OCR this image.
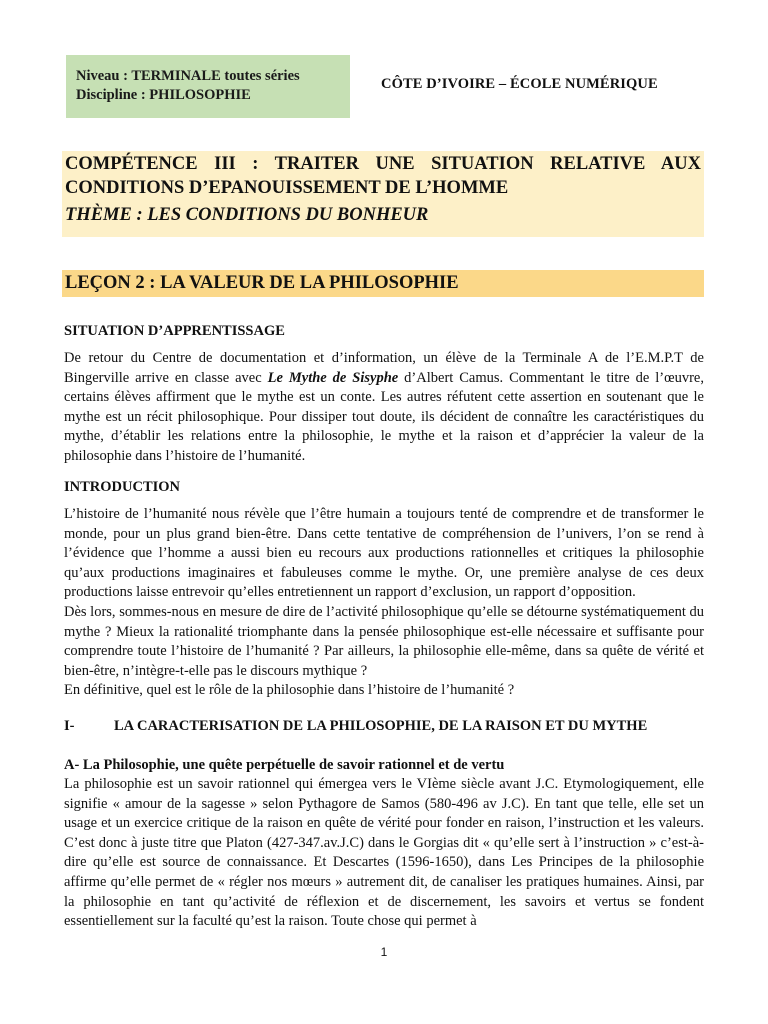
Niveau : TERMINALE toutes séries
Discipline : PHILOSOPHIE
CÔTE D’IVOIRE – ÉCOLE NUMÉRIQUE

COMPÉTENCE III : TRAITER UNE SITUATION RELATIVE AUX

CONDITIONS D’EPANOUISSEMENT DE L’HOMME

THÈME : LES CONDITIONS DU BONHEUR

LEÇON 2 : LA VALEUR DE LA PHILOSOPHIE

SITUATION D’APPRENTISSAGE

De retour du Centre de documentation et d’information, un élève de la Terminale A de l’E.M.P.T de Bingerville arrive en classe avec Le Mythe de Sisyphe d’Albert Camus. Commentant le titre de l’œuvre, certains élèves affirment que le mythe est un conte. Les autres réfutent cette assertion en soutenant que le mythe est un récit philosophique. Pour dissiper tout doute, ils décident de connaître les caractéristiques du mythe, d’établir les relations entre la philosophie, le mythe et la raison et d’apprécier la valeur de la philosophie dans l’histoire de l’humanité.

INTRODUCTION

L’histoire de l’humanité nous révèle que l’être humain a toujours tenté de comprendre et de transformer le monde, pour un plus grand bien-être. Dans cette tentative de compréhension de l’univers, l’on se rend à l’évidence que l’homme a aussi bien eu recours aux productions rationnelles et critiques la philosophie qu’aux productions imaginaires et fabuleuses comme le mythe. Or, une première analyse de ces deux productions laisse entrevoir qu’elles entretiennent un rapport d’exclusion, un rapport d’opposition.

Dès lors, sommes-nous en mesure de dire de l’activité philosophique qu’elle se détourne systématiquement du mythe ? Mieux la rationalité triomphante dans la pensée philosophique est-elle nécessaire et suffisante pour comprendre toute l’histoire de l’humanité ? Par ailleurs, la philosophie elle-même, dans sa quête de vérité et bien-être, n’intègre-t-elle pas le discours mythique ?

En définitive, quel est le rôle de la philosophie dans l’histoire de l’humanité ?

I-	LA CARACTERISATION DE LA PHILOSOPHIE, DE LA RAISON ET DU MYTHE

A- La Philosophie, une quête perpétuelle de savoir rationnel et de vertu

La philosophie est un savoir rationnel qui émergea vers le VIème siècle avant J.C. Etymologiquement, elle signifie « amour de la sagesse » selon Pythagore de Samos (580-496 av J.C). En tant que telle, elle set un usage et un exercice critique de la raison en quête de vérité pour fonder en raison, l’instruction et les valeurs. C’est donc à juste titre que Platon (427-347.av.J.C) dans le Gorgias dit « qu’elle sert à l’instruction » c’est-à-dire qu’elle est source de connaissance. Et Descartes (1596-1650), dans Les Principes de la philosophie affirme qu’elle permet de « régler nos mœurs » autrement dit, de canaliser les pratiques humaines. Ainsi, par la philosophie en tant qu’activité de réflexion et de discernement, les savoirs et vertus se fondent essentiellement sur la faculté qu’est la raison. Toute chose qui permet à

1
